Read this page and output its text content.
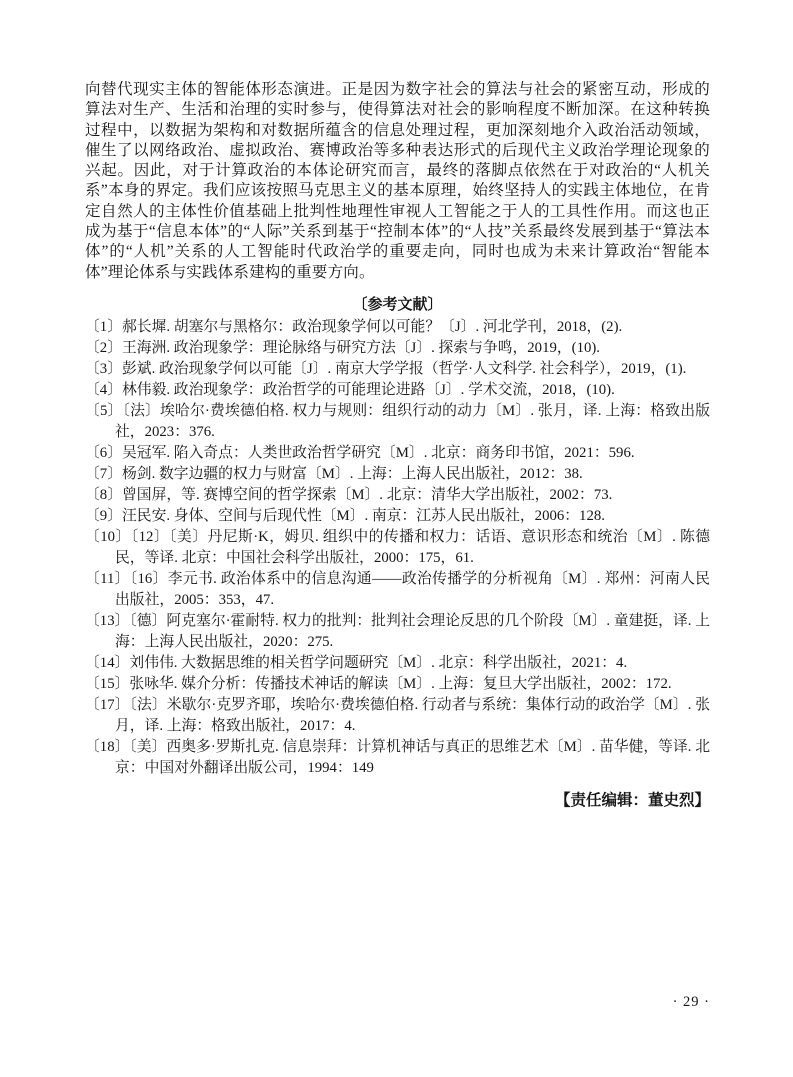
向替代现实主体的智能体形态演进。正是因为数字社会的算法与社会的紧密互动，形成的算法对生产、生活和治理的实时参与，使得算法对社会的影响程度不断加深。在这种转换过程中，以数据为架构和对数据所蕴含的信息处理过程，更加深刻地介入政治活动领域，催生了以网络政治、虚拟政治、赛博政治等多种表达形式的后现代主义政治学理论现象的兴起。因此，对于计算政治的本体论研究而言，最终的落脚点依然在于对政治的“人机关系”本身的界定。我们应该按照马克思主义的基本原理，始终坚持人的实践主体地位，在肯定自然人的主体性价值基础上批判性地理性审视人工智能之于人的工具性作用。而这也正成为基于“信息本体”的“人际”关系到基于“控制本体”的“人技”关系最终发展到基于“算法本体”的“人机”关系的人工智能时代政治学的重要走向，同时也成为未来计算政治“智能本体”理论体系与实践体系建构的重要方向。
〔参考文献〕
〔1〕郝长墀. 胡塞尔与黑格尔：政治现象学何以可能？〔J〕. 河北学刊，2018，(2).
〔2〕王海洲. 政治现象学：理论脉络与研究方法〔J〕. 探索与争鸣，2019，(10).
〔3〕彭斌. 政治现象学何以可能〔J〕. 南京大学学报（哲学·人文科学. 社会科学），2019，(1).
〔4〕林伟毅. 政治现象学：政治哲学的可能理论进路〔J〕. 学术交流，2018，(10).
〔5〕〔法〕埃哈尔·费埃德伯格. 权力与规则：组织行动的动力〔M〕. 张月，译. 上海：格致出版社，2023：376.
〔6〕吴冠军. 陷入奇点：人类世政治哲学研究〔M〕. 北京：商务印书馆，2021：596.
〔7〕杨剑. 数字边疆的权力与财富〔M〕. 上海：上海人民出版社，2012：38.
〔8〕曾国屏，等. 赛博空间的哲学探索〔M〕. 北京：清华大学出版社，2002：73.
〔9〕汪民安. 身体、空间与后现代性〔M〕. 南京：江苏人民出版社，2006：128.
〔10〕〔12〕〔美〕丹尼斯·K，姆贝. 组织中的传播和权力：话语、意识形态和统治〔M〕. 陈德民，等译. 北京：中国社会科学出版社，2000：175，61.
〔11〕〔16〕李元书. 政治体系中的信息沟通——政治传播学的分析视角〔M〕. 郑州：河南人民出版社，2005：353，47.
〔13〕〔德〕阿克塞尔·霍耐特. 权力的批判：批判社会理论反思的几个阶段〔M〕. 童建挺，译. 上海：上海人民出版社，2020：275.
〔14〕刘伟伟. 大数据思维的相关哲学问题研究〔M〕. 北京：科学出版社，2021：4.
〔15〕张咏华. 媒介分析：传播技术神话的解读〔M〕. 上海：复旦大学出版社，2002：172.
〔17〕〔法〕米歇尔·克罗齐耶，埃哈尔·费埃德伯格. 行动者与系统：集体行动的政治学〔M〕. 张月，译. 上海：格致出版社，2017：4.
〔18〕〔美〕西奥多·罗斯扎克. 信息崇拜：计算机神话与真正的思维艺术〔M〕. 苗华健，等译. 北京：中国对外翻译出版公司，1994：149
【责任编辑：董史烈】
· 29 ·
